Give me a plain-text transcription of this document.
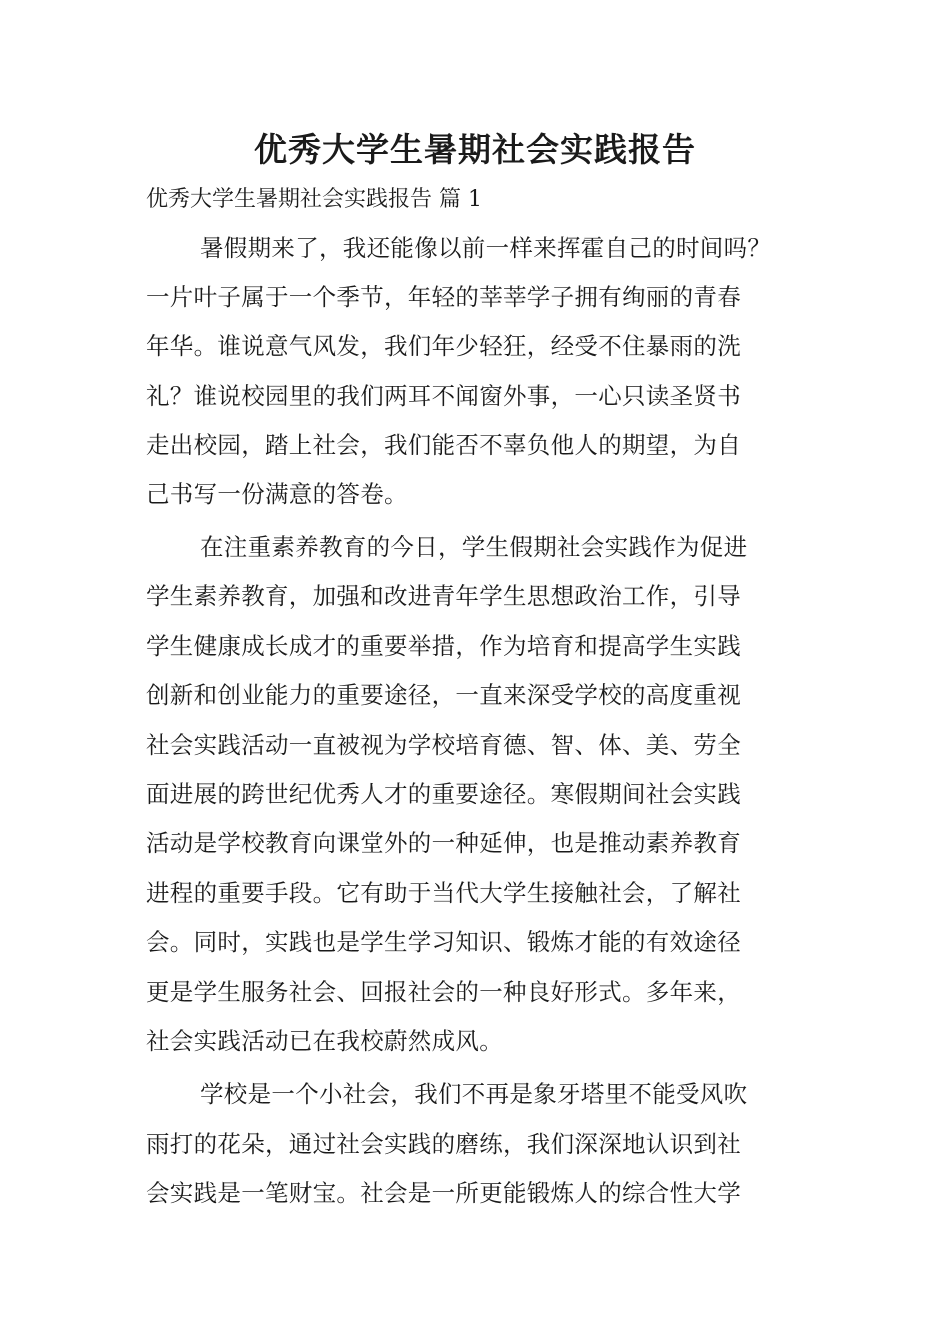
优秀大学生暑期社会实践报告
优秀大学生暑期社会实践报告 篇 1

暑假期来了，我还能像以前一样来挥霍自己的时间吗？

一片叶子属于一个季节，年轻的莘莘学子拥有绚丽的青春

年华。谁说意气风发，我们年少轻狂，经受不住暴雨的洗

礼？谁说校园里的我们两耳不闻窗外事，一心只读圣贤书

走出校园，踏上社会，我们能否不辜负他人的期望，为自

己书写一份满意的答卷。

在注重素养教育的今日，学生假期社会实践作为促进

学生素养教育，加强和改进青年学生思想政治工作，引导

学生健康成长成才的重要举措，作为培育和提高学生实践

创新和创业能力的重要途径，一直来深受学校的高度重视

社会实践活动一直被视为学校培育德、智、体、美、劳全

面进展的跨世纪优秀人才的重要途径。寒假期间社会实践

活动是学校教育向课堂外的一种延伸，也是推动素养教育

进程的重要手段。它有助于当代大学生接触社会，了解社

会。同时，实践也是学生学习知识、锻炼才能的有效途径

更是学生服务社会、回报社会的一种良好形式。多年来，

社会实践活动已在我校蔚然成风。

学校是一个小社会，我们不再是象牙塔里不能受风吹

雨打的花朵，通过社会实践的磨练，我们深深地认识到社

会实践是一笔财宝。社会是一所更能锻炼人的综合性大学
